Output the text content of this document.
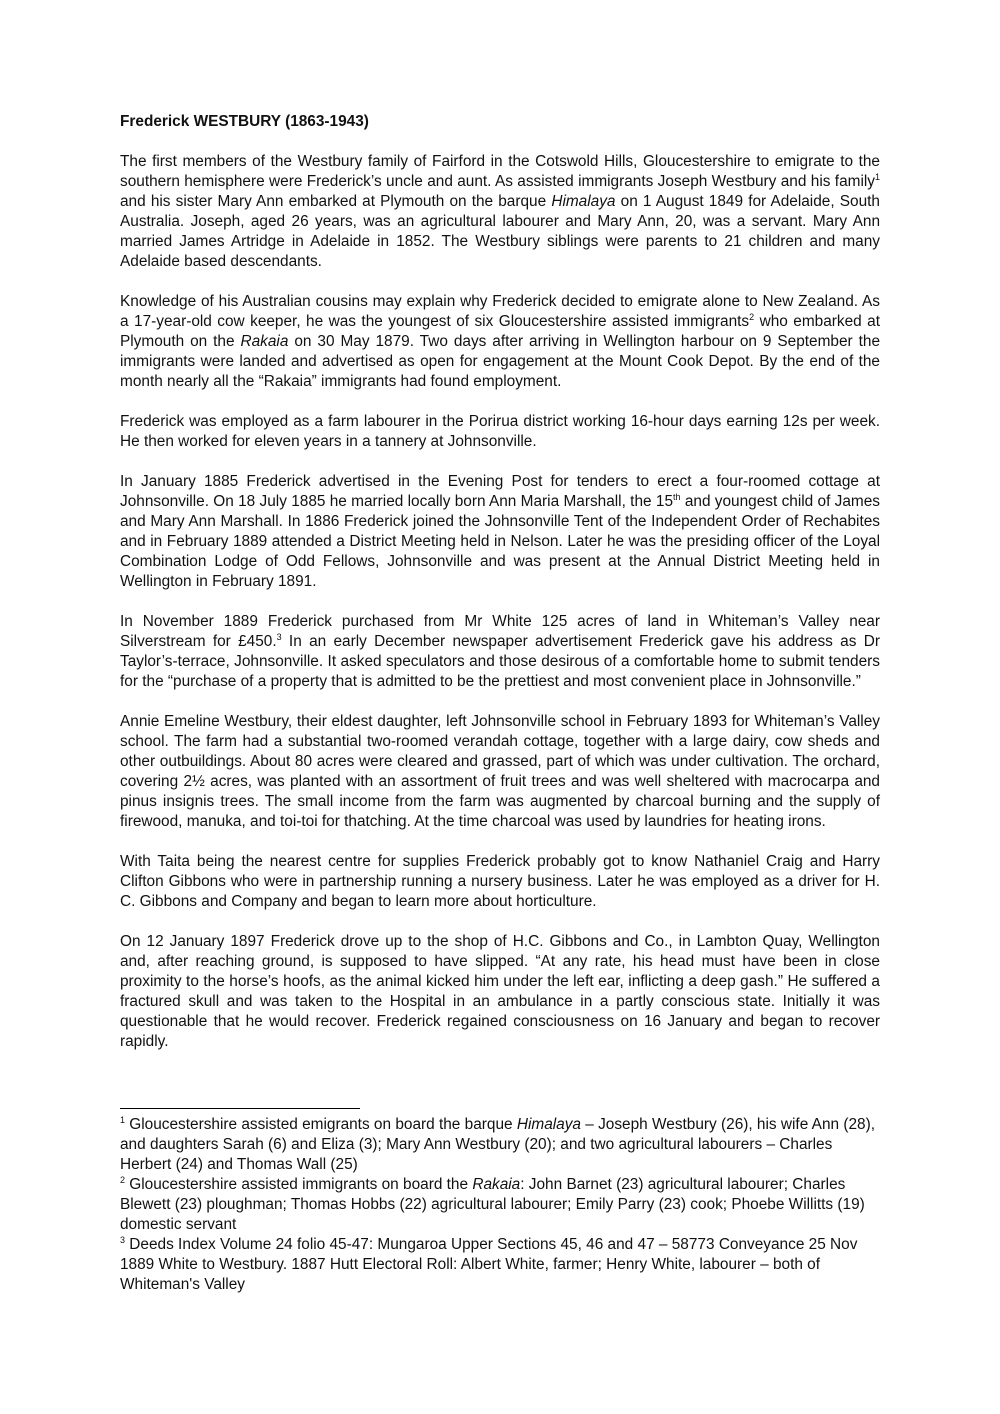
Frederick WESTBURY (1863-1943)

The first members of the Westbury family of Fairford in the Cotswold Hills, Gloucestershire to emigrate to the southern hemisphere were Frederick’s uncle and aunt. As assisted immigrants Joseph Westbury and his family$^1$ and his sister Mary Ann embarked at Plymouth on the barque Himalaya on 1 August 1849 for Adelaide, South Australia. Joseph, aged 26 years, was an agricultural labourer and Mary Ann, 20, was a servant. Mary Ann married James Artridge in Adelaide in 1852. The Westbury siblings were parents to 21 children and many Adelaide based descendants.

Knowledge of his Australian cousins may explain why Frederick decided to emigrate alone to New Zealand. As a 17-year-old cow keeper, he was the youngest of six Gloucestershire assisted immigrants$^2$ who embarked at Plymouth on the Rakaia on 30 May 1879. Two days after arriving in Wellington harbour on 9 September the immigrants were landed and advertised as open for engagement at the Mount Cook Depot. By the end of the month nearly all the “Rakaia” immigrants had found employment.

Frederick was employed as a farm labourer in the Porirua district working 16-hour days earning 12s per week. He then worked for eleven years in a tannery at Johnsonville.

In January 1885 Frederick advertised in the Evening Post for tenders to erect a four-roomed cottage at Johnsonville. On 18 July 1885 he married locally born Ann Maria Marshall, the 15th and youngest child of James and Mary Ann Marshall. In 1886 Frederick joined the Johnsonville Tent of the Independent Order of Rechabites and in February 1889 attended a District Meeting held in Nelson. Later he was the presiding officer of the Loyal Combination Lodge of Odd Fellows, Johnsonville and was present at the Annual District Meeting held in Wellington in February 1891.

In November 1889 Frederick purchased from Mr White 125 acres of land in Whiteman’s Valley near Silverstream for £450.$^3$ In an early December newspaper advertisement Frederick gave his address as Dr Taylor’s-terrace, Johnsonville. It asked speculators and those desirous of a comfortable home to submit tenders for the “purchase of a property that is admitted to be the prettiest and most convenient place in Johnsonville.”

Annie Emeline Westbury, their eldest daughter, left Johnsonville school in February 1893 for Whiteman’s Valley school. The farm had a substantial two-roomed verandah cottage, together with a large dairy, cow sheds and other outbuildings. About 80 acres were cleared and grassed, part of which was under cultivation. The orchard, covering 2½ acres, was planted with an assortment of fruit trees and was well sheltered with macrocarpa and pinus insignis trees. The small income from the farm was augmented by charcoal burning and the supply of firewood, manuka, and toi-toi for thatching. At the time charcoal was used by laundries for heating irons.

With Taita being the nearest centre for supplies Frederick probably got to know Nathaniel Craig and Harry Clifton Gibbons who were in partnership running a nursery business. Later he was employed as a driver for H. C. Gibbons and Company and began to learn more about horticulture.

On 12 January 1897 Frederick drove up to the shop of H.C. Gibbons and Co., in Lambton Quay, Wellington and, after reaching ground, is supposed to have slipped. “At any rate, his head must have been in close proximity to the horse’s hoofs, as the animal kicked him under the left ear, inflicting a deep gash.” He suffered a fractured skull and was taken to the Hospital in an ambulance in a partly conscious state. Initially it was questionable that he would recover. Frederick regained consciousness on 16 January and began to recover rapidly.

$^1$ Gloucestershire assisted emigrants on board the barque Himalaya – Joseph Westbury (26), his wife Ann (28), and daughters Sarah (6) and Eliza (3); Mary Ann Westbury (20); and two agricultural labourers – Charles Herbert (24) and Thomas Wall (25)

$^2$ Gloucestershire assisted immigrants on board the Rakaia: John Barnet (23) agricultural labourer; Charles Blewett (23) ploughman; Thomas Hobbs (22) agricultural labourer; Emily Parry (23) cook; Phoebe Willitts (19) domestic servant

$^3$ Deeds Index Volume 24 folio 45-47: Mungaroa Upper Sections 45, 46 and 47 – 58773 Conveyance 25 Nov 1889 White to Westbury. 1887 Hutt Electoral Roll: Albert White, farmer; Henry White, labourer – both of Whiteman's Valley
